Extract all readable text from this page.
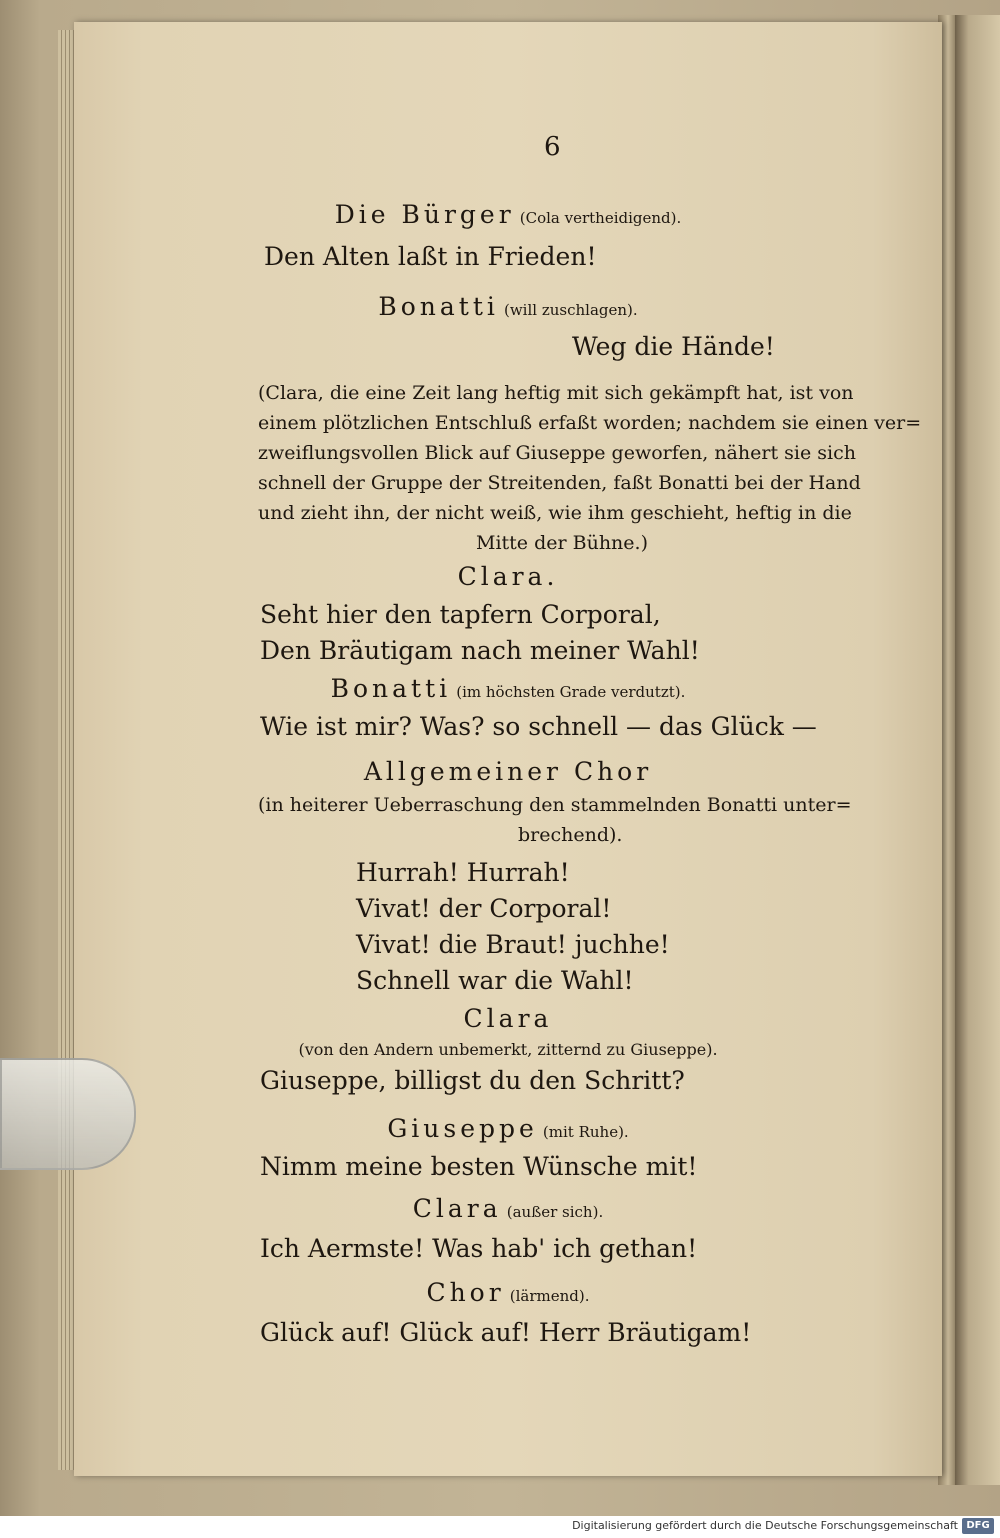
6
Die Bürger (Cola vertheidigend).
Den Alten laßt in Frieden!
Bonatti (will zuschlagen).
Weg die Hände!
(Clara, die eine Zeit lang heftig mit sich gekämpft hat, ist von
einem plötzlichen Entschluß erfaßt worden; nachdem sie einen ver=
zweiflungsvollen Blick auf Giuseppe geworfen, nähert sie sich
schnell der Gruppe der Streitenden, faßt Bonatti bei der Hand
und zieht ihn, der nicht weiß, wie ihm geschieht, heftig in die
Mitte der Bühne.)
Clara.
Seht hier den tapfern Corporal,
Den Bräutigam nach meiner Wahl!
Bonatti (im höchsten Grade verdutzt).
Wie ist mir? Was? so schnell — das Glück —
Allgemeiner Chor
(in heiterer Ueberraschung den stammelnden Bonatti unter=
brechend).
Hurrah! Hurrah!
Vivat! der Corporal!
Vivat! die Braut! juchhe!
Schnell war die Wahl!
Clara
(von den Andern unbemerkt, zitternd zu Giuseppe).
Giuseppe, billigst du den Schritt?
Giuseppe (mit Ruhe).
Nimm meine besten Wünsche mit!
Clara (außer sich).
Ich Aermste! Was hab' ich gethan!
Chor (lärmend).
Glück auf! Glück auf! Herr Bräutigam!
Digitalisierung gefördert durch die Deutsche Forschungsgemeinschaft DFG
